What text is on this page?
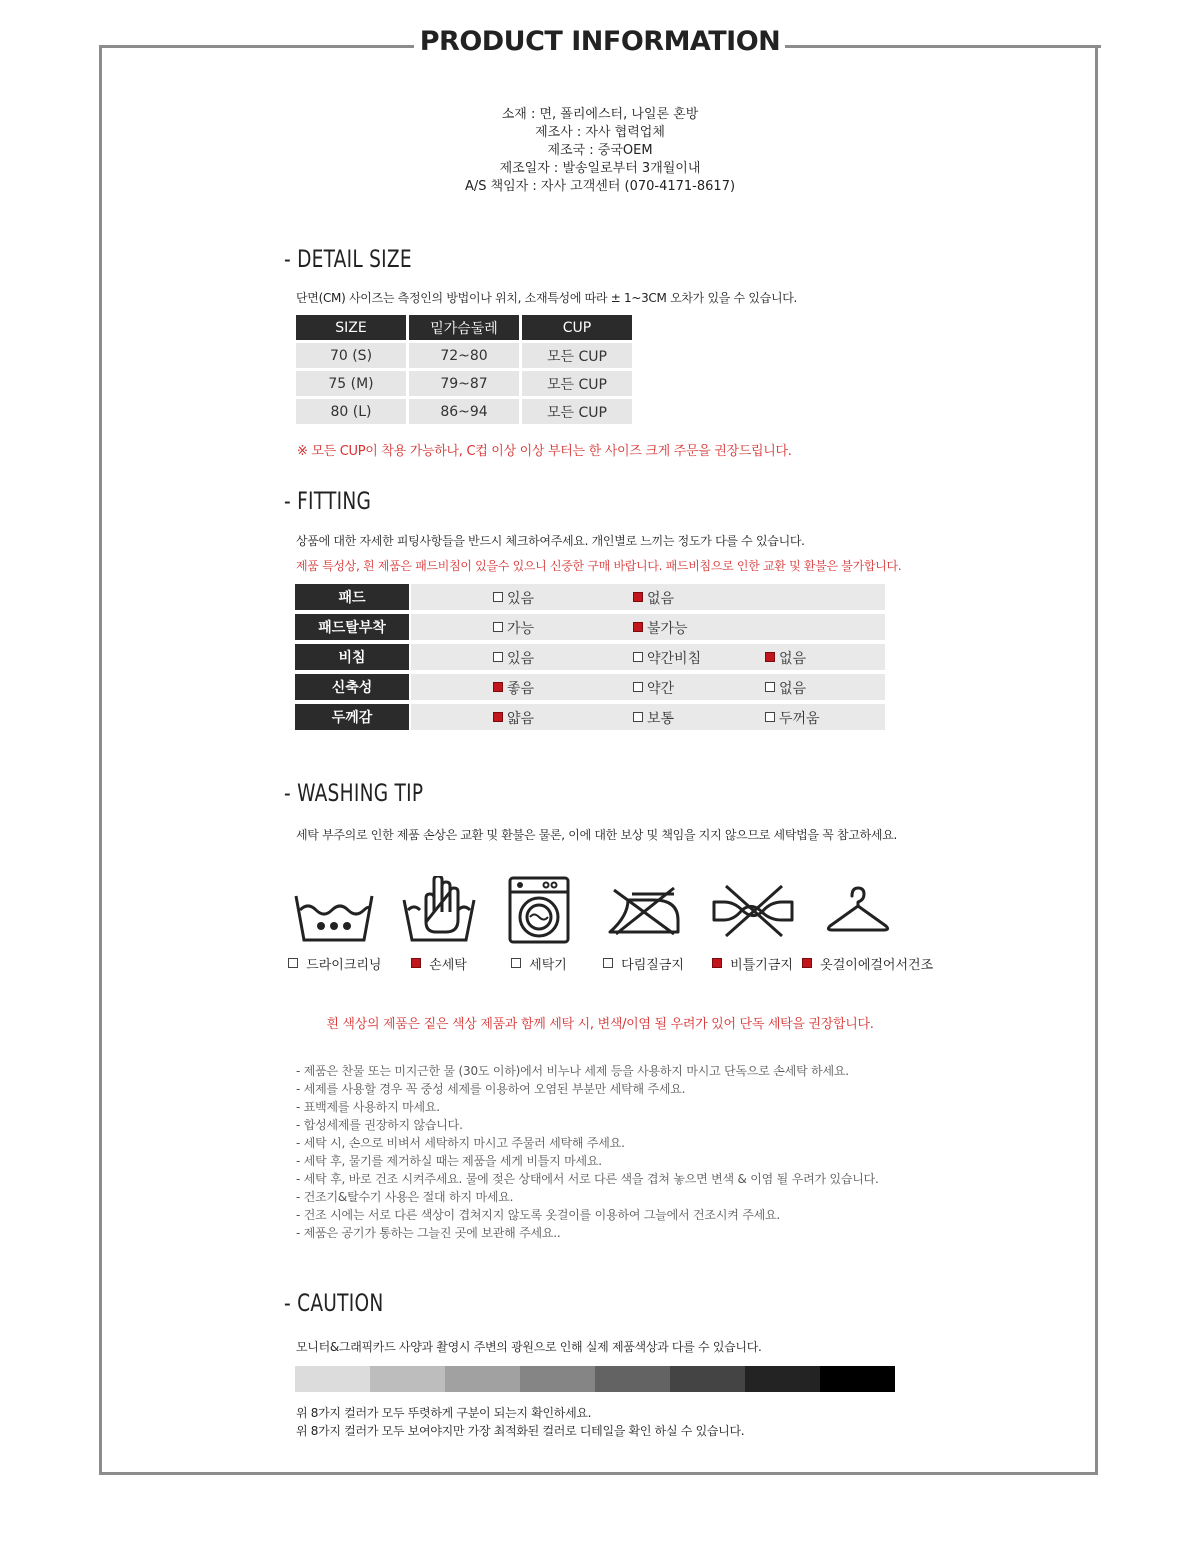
PRODUCT INFORMATION
소재 : 면, 폴리에스터, 나일론 혼방
제조사 : 자사 협력업체
제조국 : 중국OEM
제조일자 : 발송일로부터 3개월이내
A/S 책임자 : 자사 고객센터 (070-4171-8617)
- DETAIL SIZE
단면(CM) 사이즈는 측정인의 방법이나 위치, 소재특성에 따라 ± 1~3CM 오차가 있을 수 있습니다.
SIZE	밑가슴둘레	CUP
70 (S)	72~80	모든 CUP
75 (M)	79~87	모든 CUP
80 (L)	86~94	모든 CUP
※ 모든 CUP이 착용 가능하나, C컵 이상 이상 부터는 한 사이즈 크게 주문을 권장드립니다.
- FITTING
상품에 대한 자세한 피팅사항들을 반드시 체크하여주세요. 개인별로 느끼는 정도가 다를 수 있습니다.
제품 특성상, 흰 제품은 패드비침이 있을수 있으니 신중한 구매 바랍니다. 패드비침으로 인한 교환 및 환불은 불가합니다.
패드	있음 없음

패드탈부착	가능 불가능

비침	있음 약간비침 없음

신축성	좋음 약간 없음

두께감	얇음 보통 두꺼움
- WASHING TIP
세탁 부주의로 인한 제품 손상은 교환 및 환불은 물론, 이에 대한 보상 및 책임을 지지 않으므로 세탁법을 꼭 참고하세요.
드라이크리닝	손세탁	세탁기	다림질금지	비틀기금지	옷걸이에걸어서건조
흰 색상의 제품은 짙은 색상 제품과 함께 세탁 시, 변색/이염 될 우려가 있어 단독 세탁을 권장합니다.
- 제품은 찬물 또는 미지근한 물 (30도 이하)에서 비누나 세제 등을 사용하지 마시고 단독으로 손세탁 하세요.
- 세제를 사용할 경우 꼭 중성 세제를 이용하여 오염된 부분만 세탁해 주세요.
- 표백제를 사용하지 마세요.
- 합성세제를 권장하지 않습니다.
- 세탁 시, 손으로 비벼서 세탁하지 마시고 주물러 세탁해 주세요.
- 세탁 후, 물기를 제거하실 때는 제품을 세게 비틀지 마세요.
- 세탁 후, 바로 건조 시켜주세요. 물에 젖은 상태에서 서로 다른 색을 겹쳐 놓으면 변색 & 이염 될 우려가 있습니다.
- 건조기&탈수기 사용은 절대 하지 마세요.
- 건조 시에는 서로 다른 색상이 겹쳐지지 않도록 옷걸이를 이용하여 그늘에서 건조시켜 주세요.
- 제품은 공기가 통하는 그늘진 곳에 보관해 주세요..
- CAUTION
모니터&그래픽카드 사양과 촬영시 주변의 광원으로 인해 실제 제품색상과 다를 수 있습니다.
위 8가지 컬러가 모두 뚜렷하게 구분이 되는지 확인하세요.
위 8가지 컬러가 모두 보여야지만 가장 최적화된 컬러로 디테일을 확인 하실 수 있습니다.
